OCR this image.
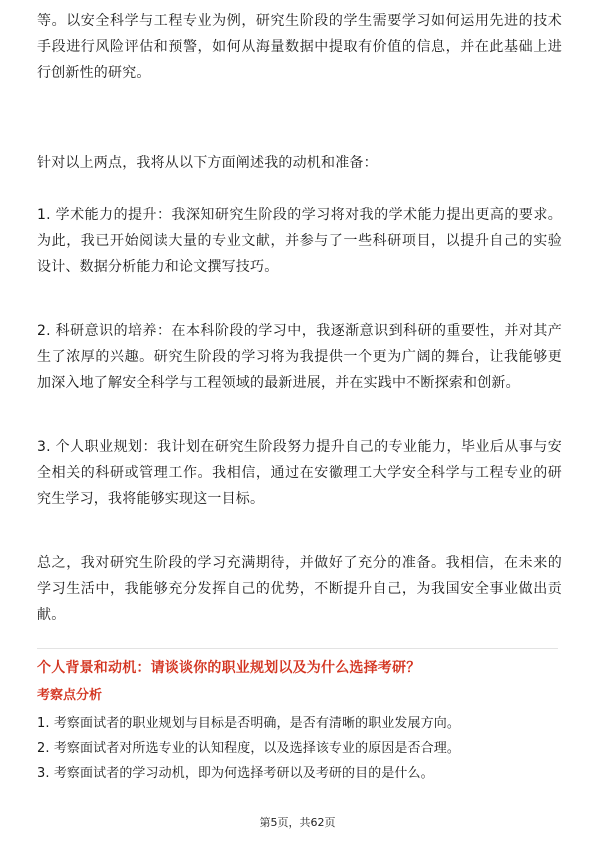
等。以安全科学与工程专业为例，研究生阶段的学生需要学习如何运用先进的技术手段进行风险评估和预警，如何从海量数据中提取有价值的信息，并在此基础上进行创新性的研究。

针对以上两点，我将从以下方面阐述我的动机和准备：

1. 学术能力的提升：我深知研究生阶段的学习将对我的学术能力提出更高的要求。为此，我已开始阅读大量的专业文献，并参与了一些科研项目，以提升自己的实验设计、数据分析能力和论文撰写技巧。

2. 科研意识的培养：在本科阶段的学习中，我逐渐意识到科研的重要性，并对其产生了浓厚的兴趣。研究生阶段的学习将为我提供一个更为广阔的舞台，让我能够更加深入地了解安全科学与工程领域的最新进展，并在实践中不断探索和创新。

3. 个人职业规划：我计划在研究生阶段努力提升自己的专业能力，毕业后从事与安全相关的科研或管理工作。我相信，通过在安徽理工大学安全科学与工程专业的研究生学习，我将能够实现这一目标。

总之，我对研究生阶段的学习充满期待，并做好了充分的准备。我相信，在未来的学习生活中，我能够充分发挥自己的优势，不断提升自己，为我国安全事业做出贡献。

个人背景和动机：请谈谈你的职业规划以及为什么选择考研？
考察点分析
1. 考察面试者的职业规划与目标是否明确，是否有清晰的职业发展方向。
2. 考察面试者对所选专业的认知程度，以及选择该专业的原因是否合理。
3. 考察面试者的学习动机，即为何选择考研以及考研的目的是什么。
第5页，共62页
